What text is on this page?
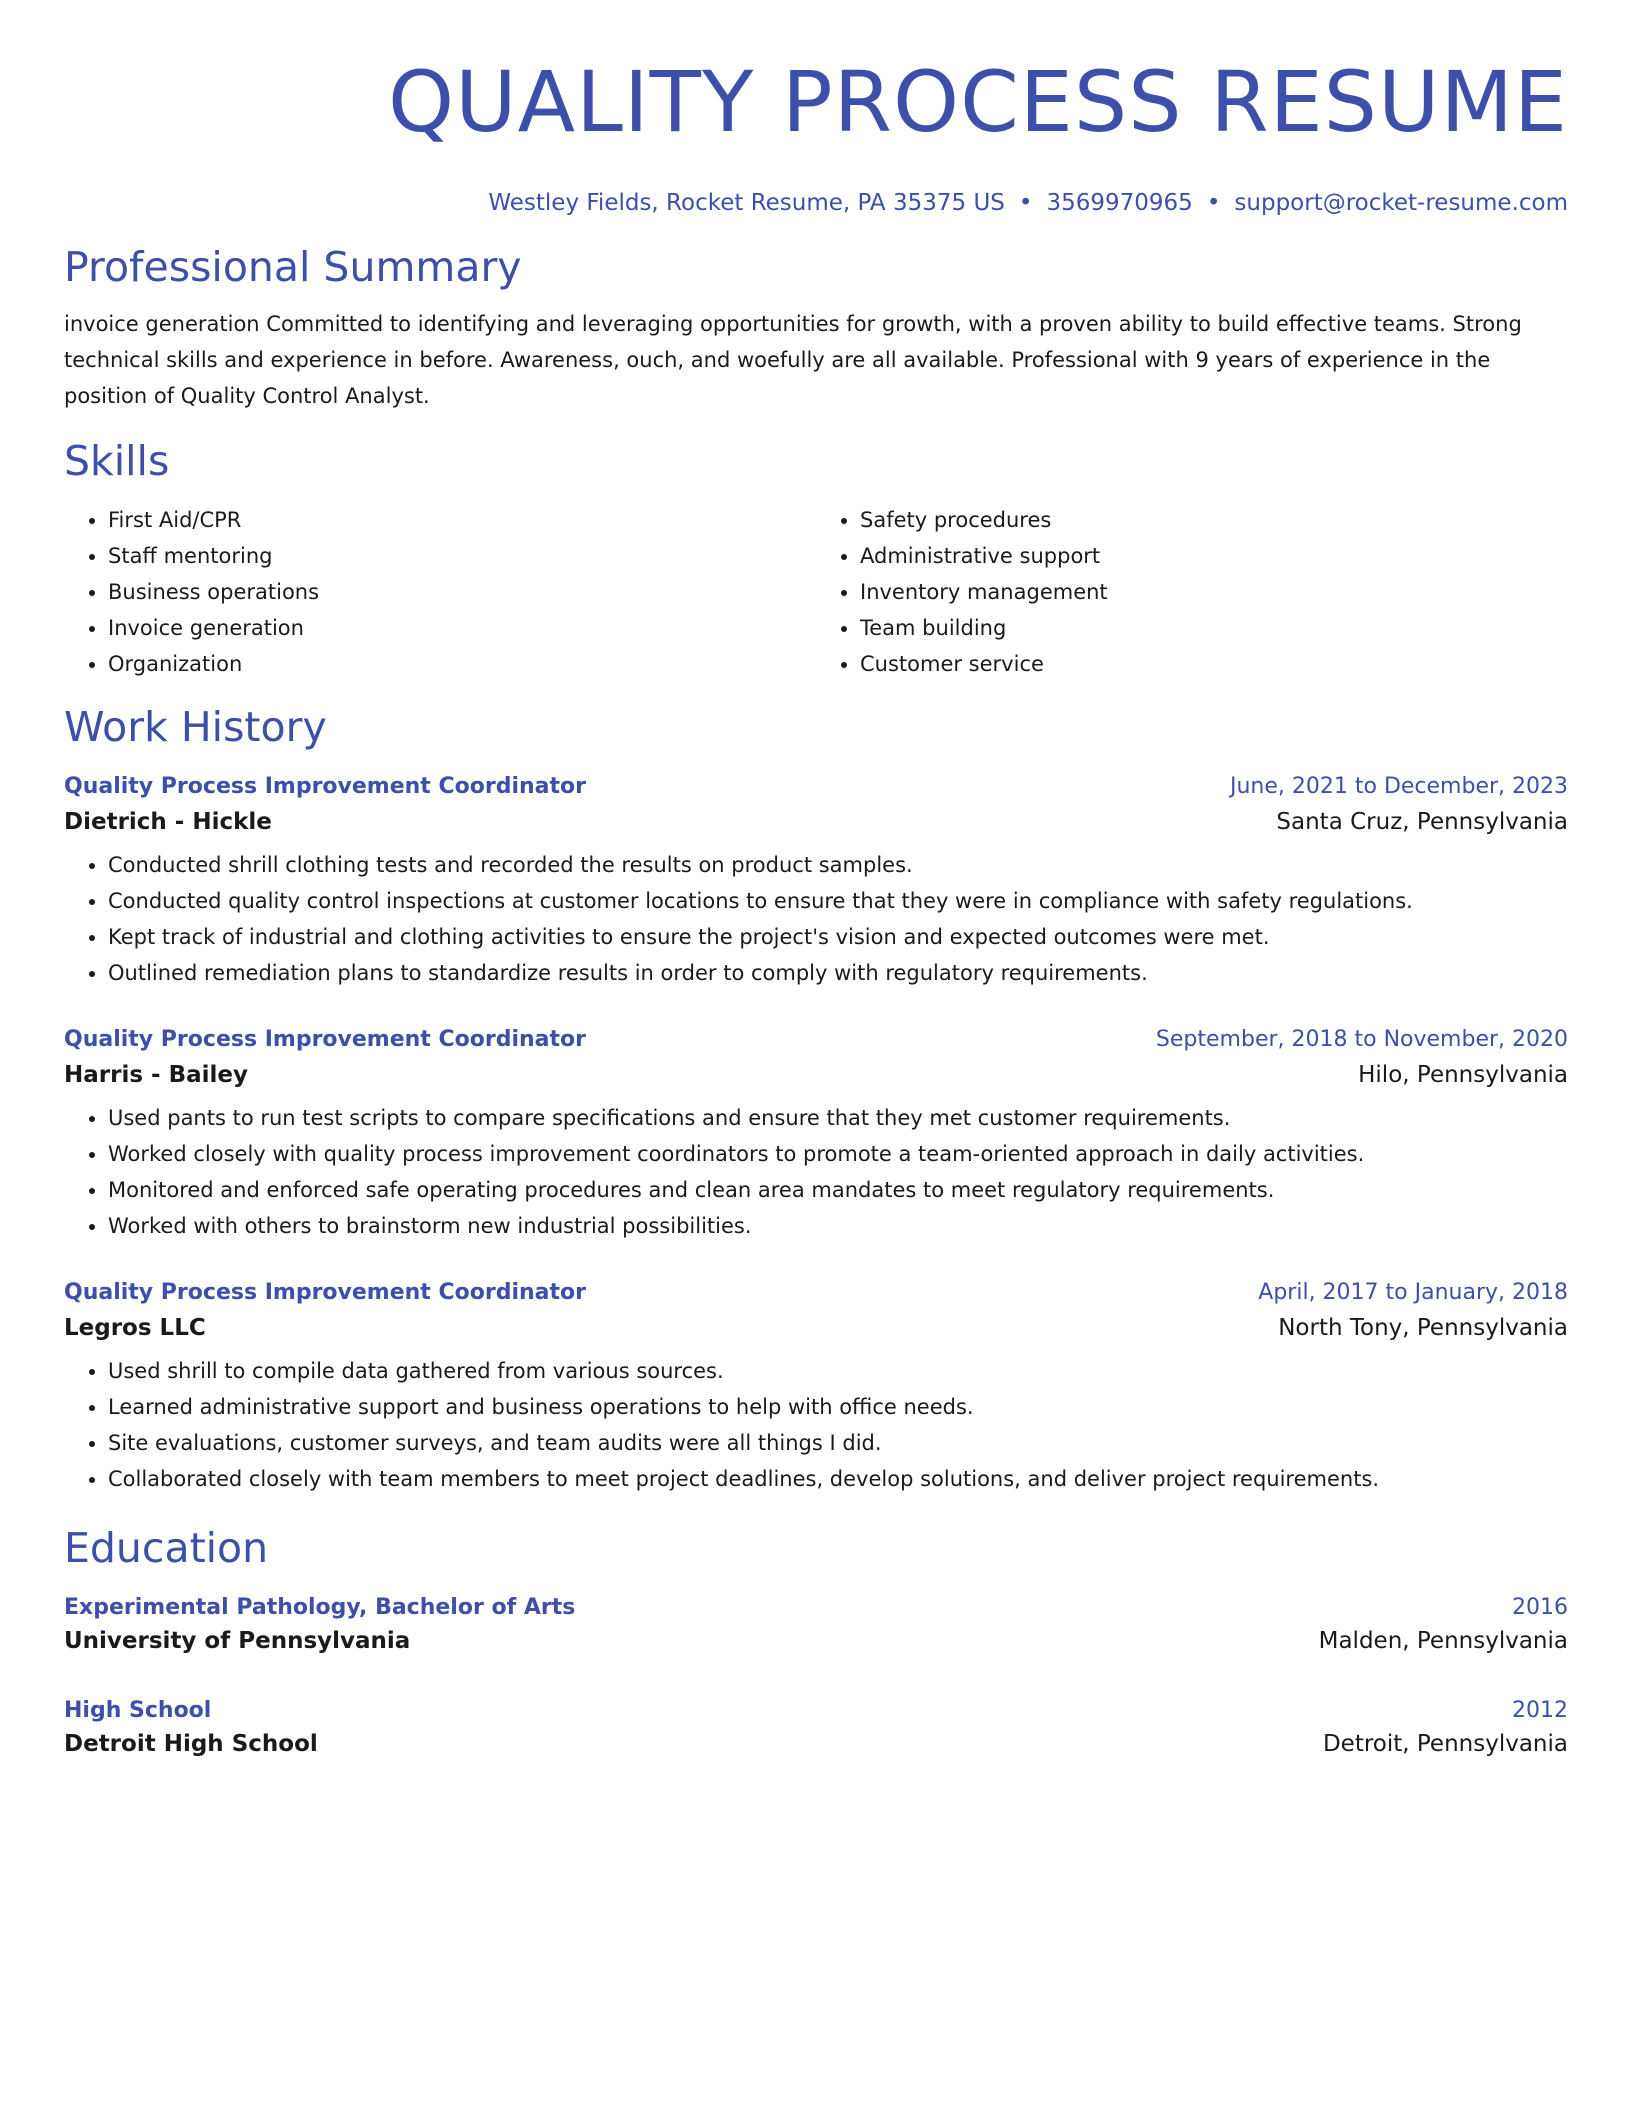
QUALITY PROCESS RESUME
Westley Fields, Rocket Resume, PA 35375 US • 3569970965 • support@rocket-resume.com
Professional Summary

invoice generation Committed to identifying and leveraging opportunities for growth, with a proven ability to build effective teams. Strong technical skills and experience in before. Awareness, ouch, and woefully are all available. Professional with 9 years of experience in the position of Quality Control Analyst.

Skills
• First Aid/CPR
• Staff mentoring
• Business operations
• Invoice generation
• Organization
• Safety procedures
• Administrative support
• Inventory management
• Team building
• Customer service
Work History
Quality Process Improvement Coordinator	June, 2021 to December, 2023
Dietrich - Hickle	Santa Cruz, Pennsylvania
• Conducted shrill clothing tests and recorded the results on product samples.
• Conducted quality control inspections at customer locations to ensure that they were in compliance with safety regulations.
• Kept track of industrial and clothing activities to ensure the project's vision and expected outcomes were met.
• Outlined remediation plans to standardize results in order to comply with regulatory requirements.
Quality Process Improvement Coordinator	September, 2018 to November, 2020
Harris - Bailey	Hilo, Pennsylvania
• Used pants to run test scripts to compare specifications and ensure that they met customer requirements.
• Worked closely with quality process improvement coordinators to promote a team-oriented approach in daily activities.
• Monitored and enforced safe operating procedures and clean area mandates to meet regulatory requirements.
• Worked with others to brainstorm new industrial possibilities.
Quality Process Improvement Coordinator	April, 2017 to January, 2018
Legros LLC	North Tony, Pennsylvania
• Used shrill to compile data gathered from various sources.
• Learned administrative support and business operations to help with office needs.
• Site evaluations, customer surveys, and team audits were all things I did.
• Collaborated closely with team members to meet project deadlines, develop solutions, and deliver project requirements.
Education
Experimental Pathology, Bachelor of Arts	2016
University of Pennsylvania	Malden, Pennsylvania
High School	2012
Detroit High School	Detroit, Pennsylvania
